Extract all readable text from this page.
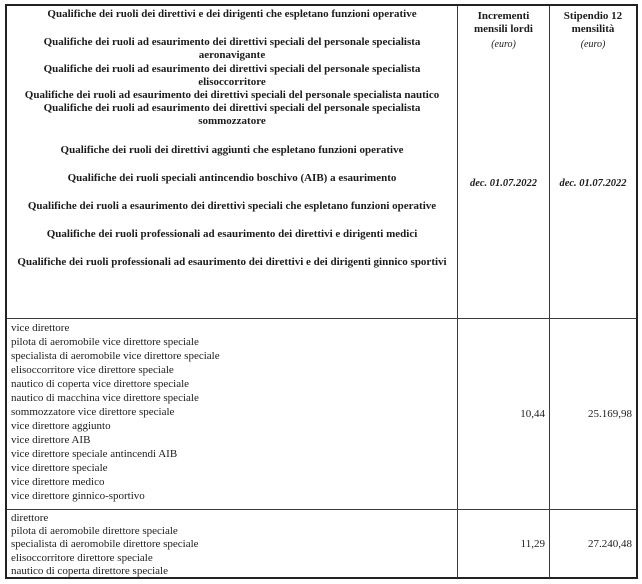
Qualifiche dei ruoli dei direttivi e dei dirigenti che espletano funzioni operative

Qualifiche dei ruoli ad esaurimento dei direttivi speciali del personale specialista aeronavigante

Qualifiche dei ruoli ad esaurimento dei direttivi speciali del personale specialista elisoccorritore

Qualifiche dei ruoli ad esaurimento dei direttivi speciali del personale specialista nautico

Qualifiche dei ruoli ad esaurimento dei direttivi speciali del personale specialista sommozzatore

Qualifiche dei ruoli dei direttivi aggiunti che espletano funzioni operative

Qualifiche dei ruoli speciali antincendio boschivo (AIB) a esaurimento

Qualifiche dei ruoli a esaurimento dei direttivi speciali che espletano funzioni operative

Qualifiche dei ruoli professionali ad esaurimento dei direttivi e dirigenti medici

Qualifiche dei ruoli professionali ad esaurimento dei direttivi e dei dirigenti ginnico sportivi

Incrementi mensili lordi
(euro)
dec. 01.07.2022
Stipendio 12 mensilità
(euro)
dec. 01.07.2022
vice direttore
pilota di aeromobile vice direttore speciale
specialista di aeromobile vice direttore speciale
elisoccorritore vice direttore speciale
nautico di coperta vice direttore speciale
nautico di macchina vice direttore speciale
sommozzatore vice direttore speciale
vice direttore aggiunto
vice direttore AIB
vice direttore speciale antincendi AIB
vice direttore speciale
vice direttore medico
vice direttore ginnico-sportivo
10,44	25.169,98
direttore
pilota di aeromobile direttore speciale
specialista di aeromobile direttore speciale
elisoccorritore direttore speciale
nautico di coperta direttore speciale
11,29	27.240,48
